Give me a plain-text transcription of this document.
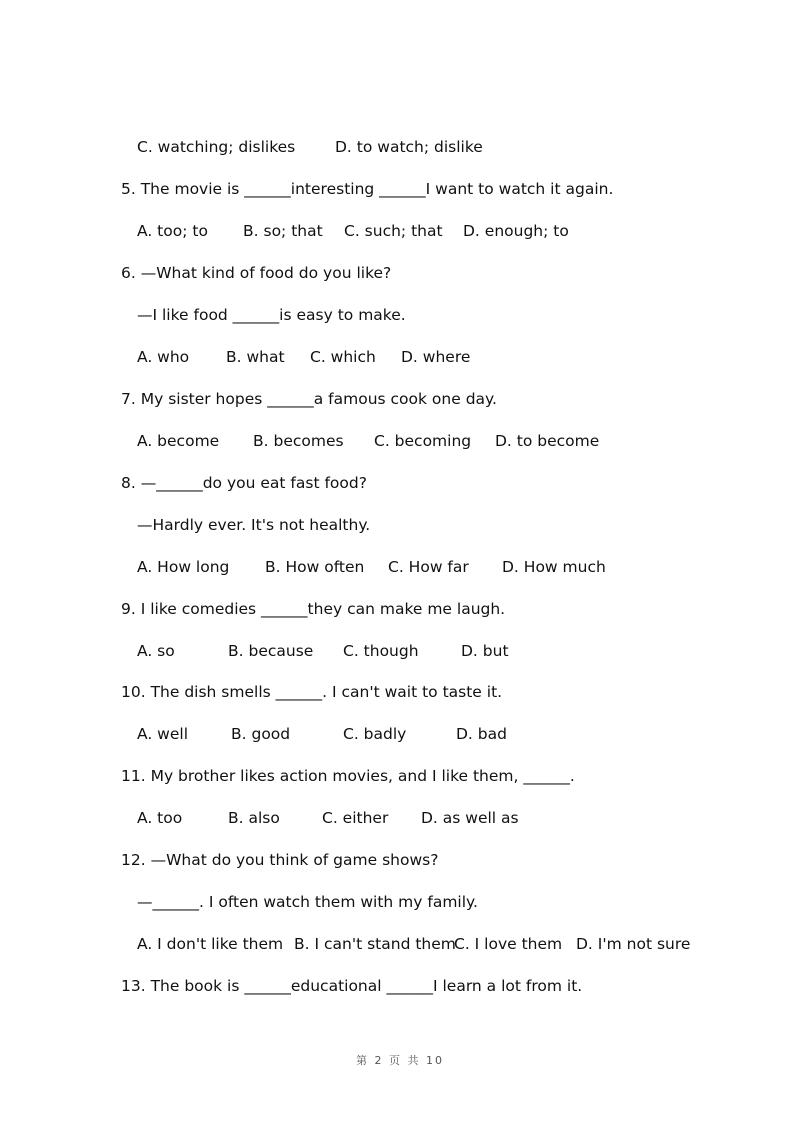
C. watching; dislikes	D. to watch; dislike
5. The movie is ______interesting ______I want to watch it again.
A. too; to B. so; that C. such; that D. enough; to
6. —What kind of food do you like?
—I like food ______is easy to make.
A. who B. what C. which D. where
7. My sister hopes ______a famous cook one day.
A. become B. becomes C. becoming D. to become
8. —______do you eat fast food?
—Hardly ever. It's not healthy.
A. How long B. How often C. How far D. How much
9. I like comedies ______they can make me laugh.
A. so	B. because C. though	D. but
10. The dish smells ______. I can't wait to taste it.
A. well	B. good	C. badly	D. bad
11. My brother likes action movies, and I like them, ______.
A. too	B. also	C. either D. as well as
12. —What do you think of game shows?
—______. I often watch them with my family.
A. I don't like them B. I can't stand them
C. I love them D. I'm not sure
13. The book is ______educational ______I learn a lot from it.
第 2 页 共 10
